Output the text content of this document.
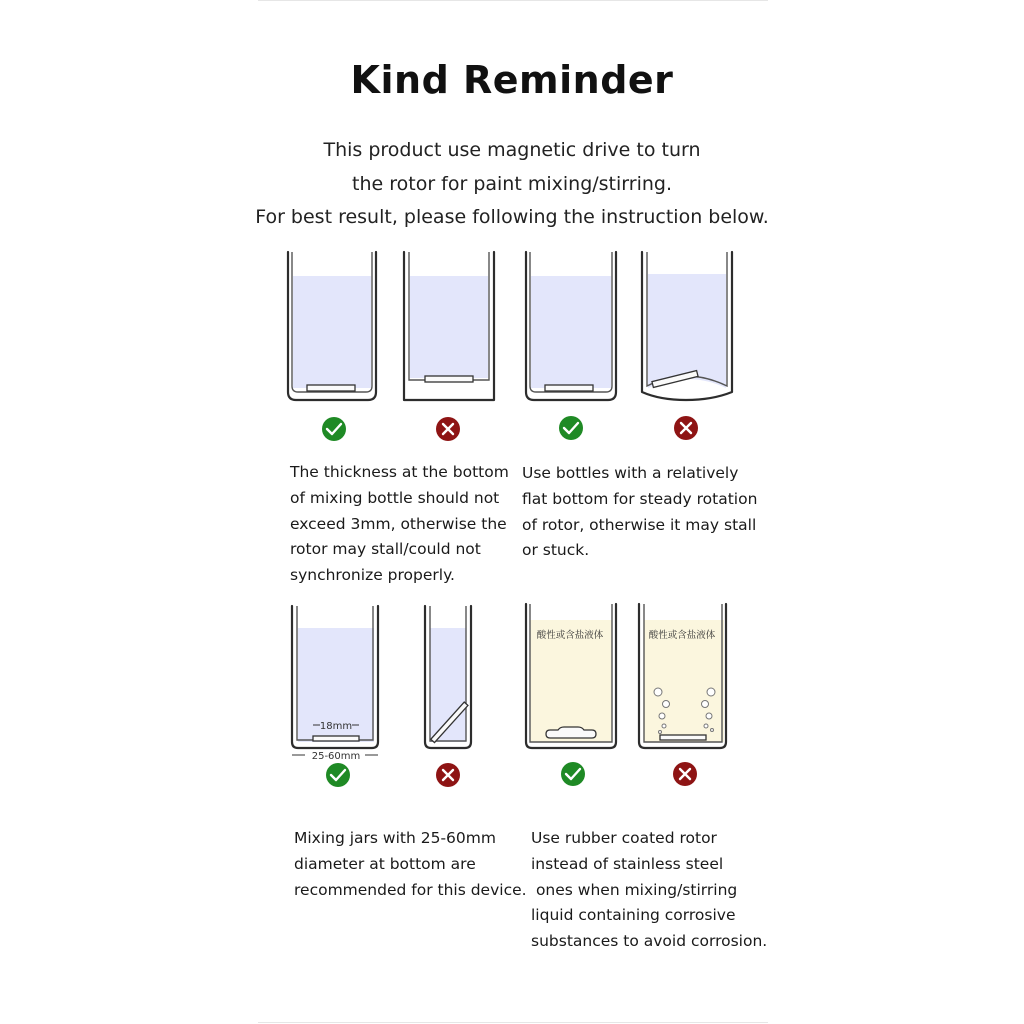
Kind Reminder
This product use magnetic drive to turn
the rotor for paint mixing/stirring.
For best result, please following the instruction below.
18mm
25-60mm
酸性或含盐液体	酸性或含盐液体
The thickness at the bottom
of mixing bottle should not
exceed 3mm, otherwise the
rotor may stall/could not
synchronize properly.
Use bottles with a relatively
flat bottom for steady rotation
of rotor, otherwise it may stall
or stuck.
Mixing jars with 25-60mm
diameter at bottom are
recommended for this device.
Use rubber coated rotor
instead of stainless steel
ones when mixing/stirring
liquid containing corrosive
substances to avoid corrosion.
